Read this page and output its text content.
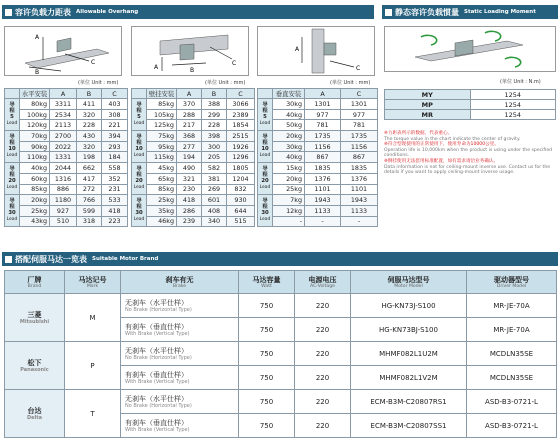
容许负载力距表 Allowable Overhang	静态容许负载惯量 Static Loading Moment
A
B
C
A	B
C
A
C
(单位 Unit : mm)	(单位 Unit : mm)	(单位 Unit : mm)	(单位 Unit : N.m)
	水平安装	A	B	C

导
程
5
Lead	80kg	3311	411	403
	100kg	2534	320	308
	120kg	2113	228	221

导
程
10
Lead	70kg	2700	430	394
	90kg	2022	320	293
	110kg	1331	198	184

导
程
20
Lead	40kg	2044	662	558
	60kg	1316	417	352
	85kg	886	272	231

导
程
30
Lead	20kg	1180	766	533
	25kg	927	599	418
	43kg	510	318	223
	壁挂安装	A	B	C

导
程
5
Lead	85kg	370	388	3066
	105kg	288	299	2389
	125kg	217	228	1854

导
程
10
Lead	75kg	368	398	2515
	95kg	277	300	1926
	115kg	194	205	1296

导
程
20
Lead	45kg	490	582	1805
	65kg	321	381	1204
	85kg	230	269	832

导
程
30
Lead	25kg	418	601	930
	35kg	286	408	644
	46kg	239	340	515
	垂直安装	A	C

导
程
5
Lead	30kg	1301	1301
	40kg	977	977
	50kg	781	781

导
程
10
Lead	20kg	1735	1735
	30kg	1156	1156
	40kg	867	867

导
程
20
Lead	15kg	1835	1835
	20kg	1376	1376
	25kg	1101	1101

导
程
30
Lead	7kg	1943	1943
	12kg	1133	1133
	-	-	-
MY	1254
MP	1254
MR	1254
※力距表所示的数据，代表重心。
The torque value in the chart indicate the center of gravity.
※符合型现使用的正常使用下，使用寿命为10000公里。
Operation life is 10,000km when the product is using under the specified conditions.
※倒挂使用无法套用标准配置，如有需求请洽业务确认。
Data information is not for ceiling-mount inverse use. Contact us for the details if you want to apply ceiling-mount inverse usage.
搭配伺服马达一览表 Suitable Motor Brand
厂牌
Brand	马达记号
Mark	刹车有无
Brake	马达容量
Watt	电源电压
AC-Voltage	伺服马达型号
Motor Model	驱动器型号
Driver Model

三菱
Mitsubishi	M	无刹车（水平仕样）
No Brake (Horizontal Type)	750	220	HG-KN73J-S100	MR-JE-70A

		有刹车（垂直仕样）
With Brake (Vertical Type)	750	220	HG-KN73BJ-S100	MR-JE-70A

松下
Panasonic	P	无刹车（水平仕样）
No Brake (Horizontal Type)	750	220	MHMF082L1U2M	MCDLN35SE

		有刹车（垂直仕样）
With Brake (Vertical Type)	750	220	MHMF082L1V2M	MCDLN35SE

台达
Delta	T	无刹车（水平仕样）
No Brake (Horizontal Type)	750	220	ECM-B3M-C20807RS1	ASD-B3-0721-L

		有刹车（垂直仕样）
With Brake (Vertical Type)	750	220	ECM-B3M-C20807SS1	ASD-B3-0721-L
